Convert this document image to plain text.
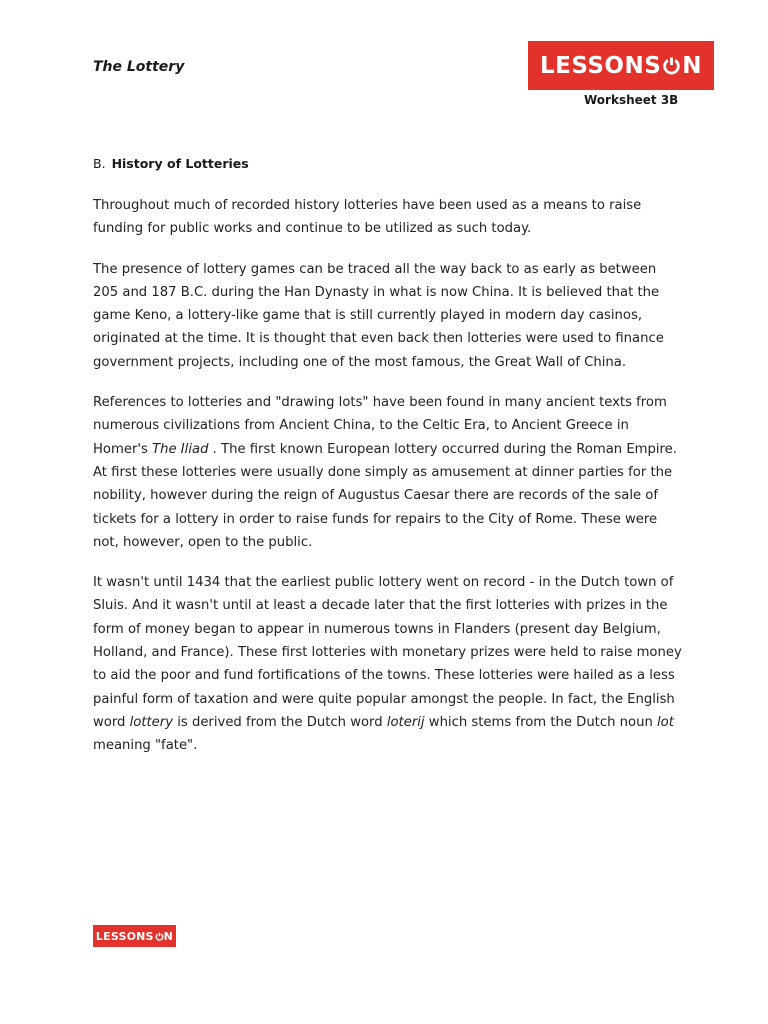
The Lottery	LESSONS N
Worksheet 3B
B. History of Lotteries

Throughout much of recorded history lotteries have been used as a means to raise funding for public works and continue to be utilized as such today.

The presence of lottery games can be traced all the way back to as early as between 205 and 187 B.C. during the Han Dynasty in what is now China. It is believed that the game Keno, a lottery-like game that is still currently played in modern day casinos, originated at the time. It is thought that even back then lotteries were used to finance government projects, including one of the most famous, the Great Wall of China.

References to lotteries and "drawing lots" have been found in many ancient texts from numerous civilizations from Ancient China, to the Celtic Era, to Ancient Greece in Homer's The Iliad . The first known European lottery occurred during the Roman Empire. At first these lotteries were usually done simply as amusement at dinner parties for the nobility, however during the reign of Augustus Caesar there are records of the sale of tickets for a lottery in order to raise funds for repairs to the City of Rome. These were not, however, open to the public.

It wasn't until 1434 that the earliest public lottery went on record - in the Dutch town of Sluis. And it wasn't until at least a decade later that the first lotteries with prizes in the form of money began to appear in numerous towns in Flanders (present day Belgium, Holland, and France). These first lotteries with monetary prizes were held to raise money to aid the poor and fund fortifications of the towns. These lotteries were hailed as a less painful form of taxation and were quite popular amongst the people. In fact, the English word lottery is derived from the Dutch word loterij which stems from the Dutch noun lot meaning "fate".

LESSONS N
